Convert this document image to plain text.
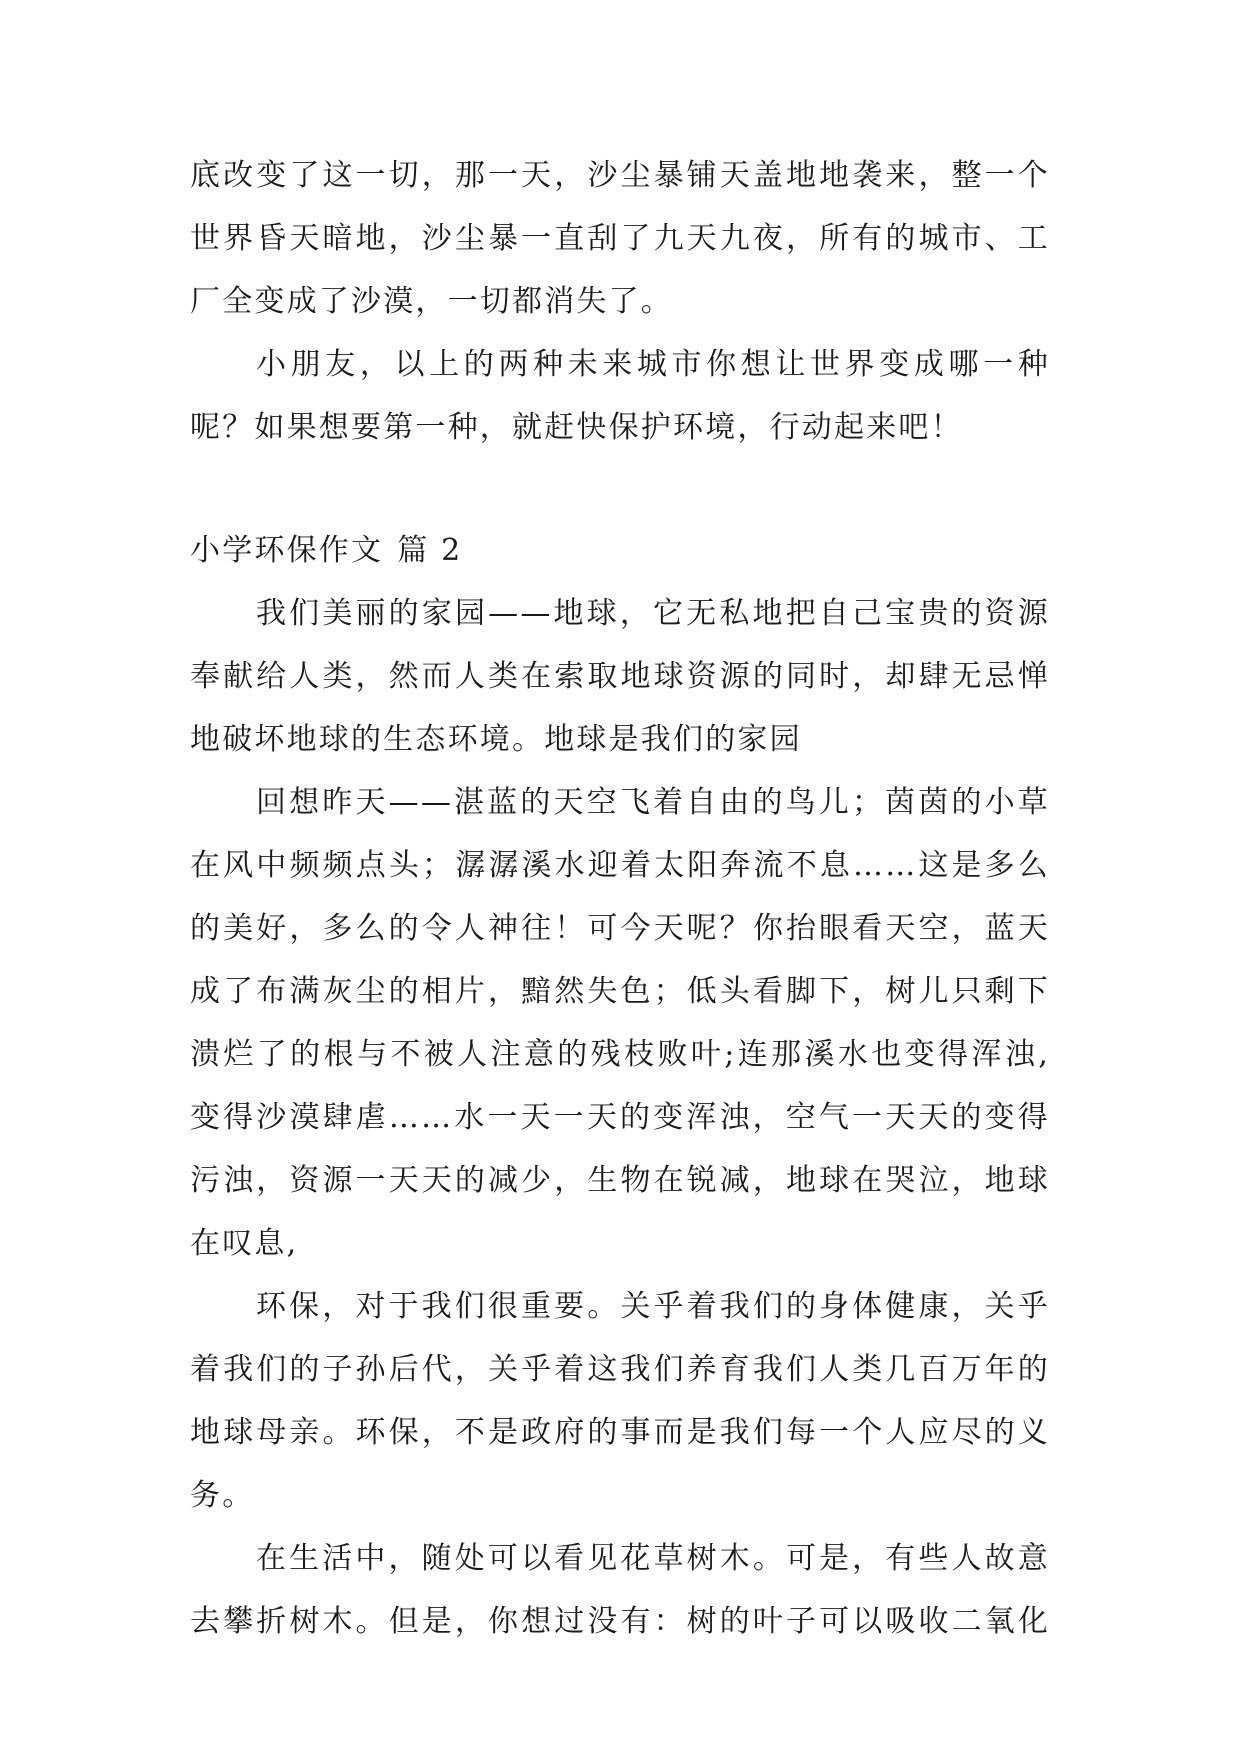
底改变了这一切，那一天，沙尘暴铺天盖地地袭来，整一个
世界昏天暗地，沙尘暴一直刮了九天九夜，所有的城市、工
厂全变成了沙漠，一切都消失了。
小朋友，以上的两种未来城市你想让世界变成哪一种
呢？如果想要第一种，就赶快保护环境，行动起来吧！
小学环保作文 篇 2
我们美丽的家园——地球，它无私地把自己宝贵的资源
奉献给人类，然而人类在索取地球资源的同时，却肆无忌惮
地破坏地球的生态环境。地球是我们的家园
回想昨天——湛蓝的天空飞着自由的鸟儿；茵茵的小草
在风中频频点头；潺潺溪水迎着太阳奔流不息……这是多么
的美好，多么的令人神往！可今天呢？你抬眼看天空，蓝天
成了布满灰尘的相片，黯然失色；低头看脚下，树儿只剩下
溃烂了的根与不被人注意的残枝败叶;连那溪水也变得浑浊,
变得沙漠肆虐……水一天一天的变浑浊，空气一天天的变得
污浊，资源一天天的减少，生物在锐减，地球在哭泣，地球
在叹息,
环保，对于我们很重要。关乎着我们的身体健康，关乎
着我们的子孙后代，关乎着这我们养育我们人类几百万年的
地球母亲。环保，不是政府的事而是我们每一个人应尽的义
务。
在生活中，随处可以看见花草树木。可是，有些人故意
去攀折树木。但是，你想过没有：树的叶子可以吸收二氧化
